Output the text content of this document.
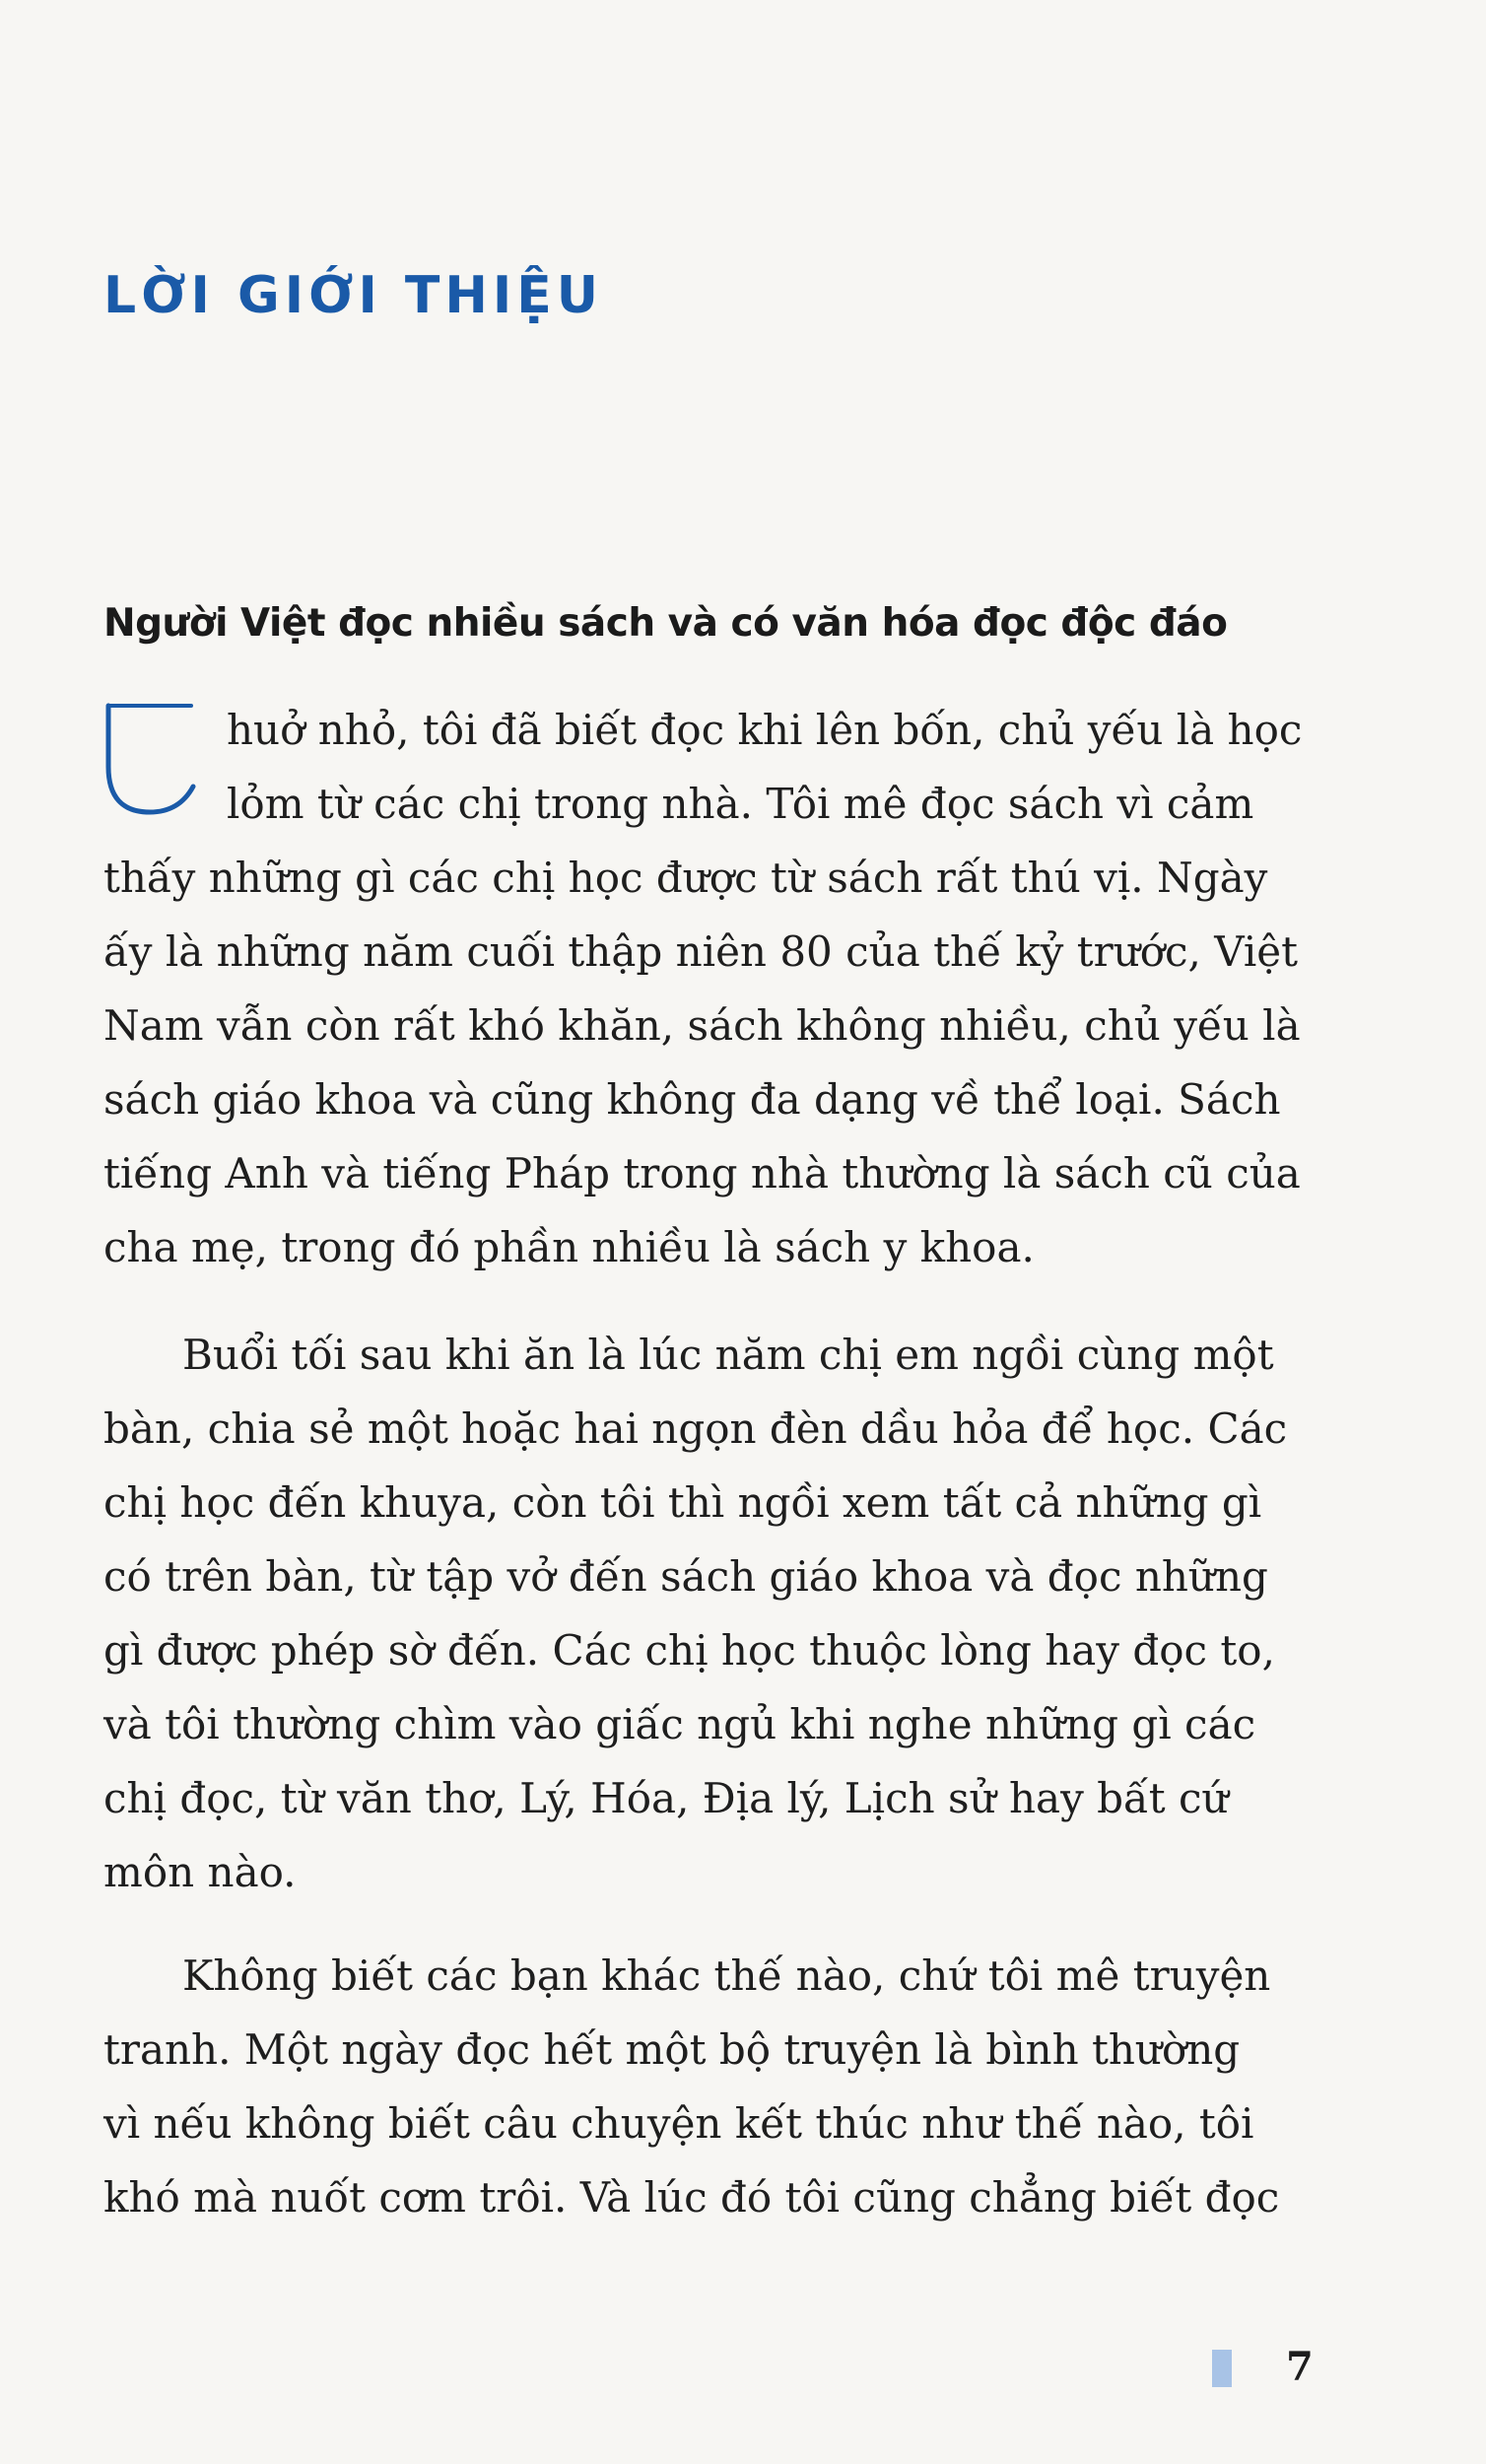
LỜI GIỚI THIỆU
Người Việt đọc nhiều sách và có văn hóa đọc độc đáo
huở nhỏ, tôi đã biết đọc khi lên bốn, chủ yếu là học
lỏm từ các chị trong nhà. Tôi mê đọc sách vì cảm
thấy những gì các chị học được từ sách rất thú vị. Ngày
ấy là những năm cuối thập niên 80 của thế kỷ trước, Việt
Nam vẫn còn rất khó khăn, sách không nhiều, chủ yếu là
sách giáo khoa và cũng không đa dạng về thể loại. Sách
tiếng Anh và tiếng Pháp trong nhà thường là sách cũ của
cha mẹ, trong đó phần nhiều là sách y khoa.
Buổi tối sau khi ăn là lúc năm chị em ngồi cùng một
bàn, chia sẻ một hoặc hai ngọn đèn dầu hỏa để học. Các
chị học đến khuya, còn tôi thì ngồi xem tất cả những gì
có trên bàn, từ tập vở đến sách giáo khoa và đọc những
gì được phép sờ đến. Các chị học thuộc lòng hay đọc to,
và tôi thường chìm vào giấc ngủ khi nghe những gì các
chị đọc, từ văn thơ, Lý, Hóa, Địa lý, Lịch sử hay bất cứ
môn nào.
Không biết các bạn khác thế nào, chứ tôi mê truyện
tranh. Một ngày đọc hết một bộ truyện là bình thường
vì nếu không biết câu chuyện kết thúc như thế nào, tôi
khó mà nuốt cơm trôi. Và lúc đó tôi cũng chẳng biết đọc
7
